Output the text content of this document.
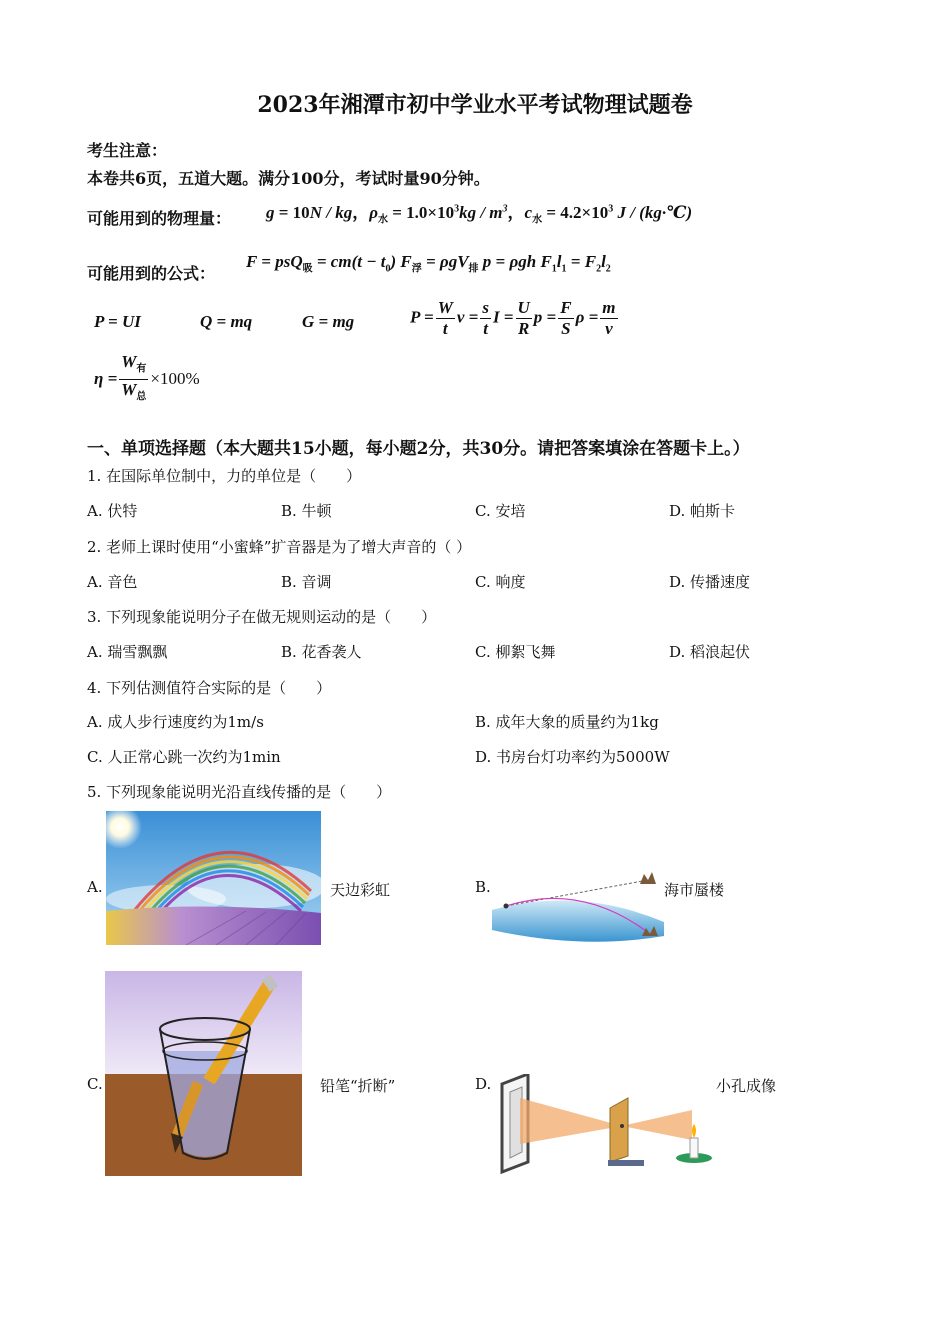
2023年湘潭市初中学业水平考试物理试题卷
考生注意：
本卷共6页，五道大题。满分100分，考试时量90分钟。
可能用到的物理量： g = 10N / kg，$\rho_水 = 1.0\times 10^3kg / m^3$，$c_水 = 4.2\times 10^3$ J / (kg·℃)
可能用到的公式：
$F = psQ_吸 = cm(t - t_0)$ $F_浮 = \rho gV_排$ p = ρgh $F_1l_1 = F_2l_2$
P = UI	Q = mq	G = mg	$P = \frac{W}{t}$ $v = \frac{s}{t}$ $I = \frac{U}{R}$ $p = \frac{F}{S}$ $\rho = \frac{m}{v}$
$\eta = \frac{W_有}{W_总} \times 100\%$
一、单项选择题（本大题共15小题，每小题2分，共30分。请把答案填涂在答题卡上。）
1. 在国际单位制中，力的单位是（　　）
A. 伏特	B. 牛顿	C. 安培	D. 帕斯卡
2. 老师上课时使用“小蜜蜂”扩音器是为了增大声音的（ ）
A. 音色	B. 音调	C. 响度	D. 传播速度
3. 下列现象能说明分子在做无规则运动的是（　　）
A. 瑞雪飘飘	B. 花香袭人	C. 柳絮飞舞	D. 稻浪起伏
4. 下列估测值符合实际的是（　　）
A. 成人步行速度约为1m/s	B. 成年大象的质量约为1kg
C. 人正常心跳一次约为1min	D. 书房台灯功率约为5000W
5. 下列现象能说明光沿直线传播的是（　　）
A.	天边彩虹	B.	海市蜃楼
C.	铅笔“折断”	D.	小孔成像
